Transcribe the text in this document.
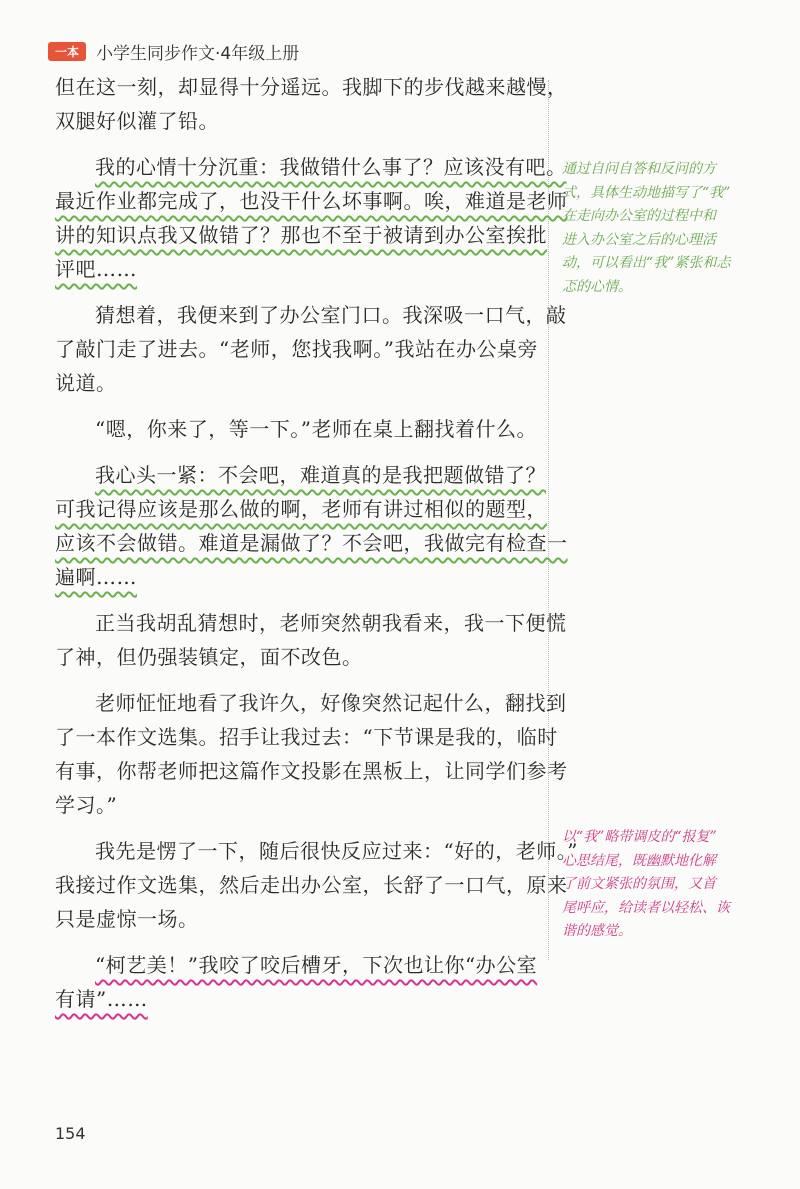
一本	小学生同步作文·4年级上册
但在这一刻，却显得十分遥远。我脚下的步伐越来越慢，
双腿好似灌了铅。
我的心情十分沉重：我做错什么事了？应该没有吧。
最近作业都完成了，也没干什么坏事啊。唉，难道是老师
讲的知识点我又做错了？那也不至于被请到办公室挨批
评吧……
猜想着，我便来到了办公室门口。我深吸一口气，敲
了敲门走了进去。“老师，您找我啊。”我站在办公桌旁
说道。
“嗯，你来了，等一下。”老师在桌上翻找着什么。
我心头一紧：不会吧，难道真的是我把题做错了？
可我记得应该是那么做的啊，老师有讲过相似的题型，
应该不会做错。难道是漏做了？不会吧，我做完有检查一
遍啊……
正当我胡乱猜想时，老师突然朝我看来，我一下便慌
了神，但仍强装镇定，面不改色。
老师怔怔地看了我许久，好像突然记起什么，翻找到
了一本作文选集。招手让我过去：“下节课是我的，临时
有事，你帮老师把这篇作文投影在黑板上，让同学们参考
学习。”
我先是愣了一下，随后很快反应过来：“好的，老师。”
我接过作文选集，然后走出办公室，长舒了一口气，原来
只是虚惊一场。
“柯艺美！”我咬了咬后槽牙，下次也让你“办公室
有请”……
通过自问自答和反问的方
式，具体生动地描写了“我”
在走向办公室的过程中和
进入办公室之后的心理活
动，可以看出“我”紧张和忐
忑的心情。
以“我”略带调皮的“报复”
心思结尾，既幽默地化解
了前文紧张的氛围，又首
尾呼应，给读者以轻松、诙
谐的感觉。
154
